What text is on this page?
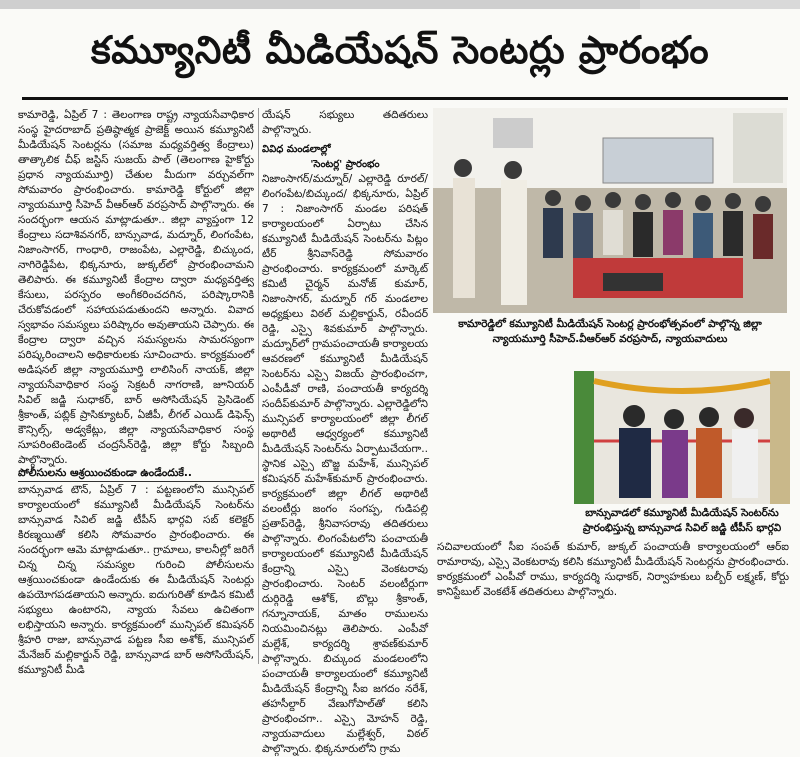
కమ్యూనిటీ మీడియేషన్ సెంటర్లు ప్రారంభం

కామారెడ్డి, ఏప్రిల్ 7 : తెలంగాణ రాష్ట్ర న్యాయసేవాధికార సంస్థ హైదరాబాద్ ప్రతిష్ఠాత్మక ప్రాజెక్ట్ అయిన కమ్యూనిటీ మీడియేషన్ సెంటర్లను (సమాజ మధ్యవర్తిత్వ కేంద్రాలు) తాత్కాలిక చీఫ్ జస్టిస్ సుజయ్ పాల్ (తెలంగాణ హైకోర్టు ప్రధాన న్యాయమూర్తి) చేతుల మీదుగా వర్చువల్‌గా సోమవారం ప్రారంభించారు. కామారెడ్డి కోర్టులో జిల్లా న్యాయమూర్తి సీహెచ్ వీఆర్ఆర్ వరప్రసాద్ పాల్గొన్నారు. ఈ సందర్భంగా ఆయన మాట్లాడుతూ.. జిల్లా వ్యాప్తంగా 12 కేంద్రాలు సదాశివనగర్, బాన్సువాడ, మద్నూర్, లింగంపేట, నిజాంసాగర్, గాంధారి, రాజంపేట, ఎల్లారెడ్డి, బిచ్కుంద, నాగిరెడ్డిపేట, భిక్కనూరు, జుక్కల్‌లో ప్రారంభించామని తెలిపారు. ఈ కమ్యూనిటీ కేంద్రాల ద్వారా మధ్యవర్తిత్వ కేసులు, పరస్పరం అంగీకరించదగిన, పరిష్కారానికి చేరుకోవడంలో సహాయపడుతుందని అన్నారు. వివాద స్వభావం సమస్యలు పరిష్కారం అవుతాయని చెప్పారు. ఈ కేంద్రాల ద్వారా వచ్చిన సమస్యలను సామరస్యంగా పరిష్కరించాలని అధికారులకు సూచించారు. కార్యక్రమంలో అడిషనల్ జిల్లా న్యాయమూర్తి లాలిసింగ్ నాయక్, జిల్లా న్యాయసేవాధికార సంస్థ సెక్రటరీ నాగరాణి, జూనియర్ సివిల్ జడ్జి సుధాకర్, బార్ అసోసియేషన్ ప్రెసిడెంట్ శ్రీకాంత్, పబ్లిక్ ప్రాసిక్యూటర్, ఏజీపీ, లీగల్ ఎయిడ్ డిఫెన్స్ కౌన్సిల్స్, అడ్వకేట్లు, జిల్లా న్యాయసేవాధికార సంస్థ సూపరింటెండెంట్ చంద్రసేన్‌రెడ్డి, జిల్లా కోర్టు సిబ్బంది పాల్గొన్నారు.

పోలీసులను ఆశ్రయించకుండా ఉండేందుకే..

బాన్సువాడ టౌన్, ఏప్రిల్ 7 : పట్టణంలోని మున్సిపల్ కార్యాలయంలో కమ్యూనిటీ మీడియేషన్ సెంటర్‌ను బాన్సువాడ సివిల్ జడ్జి టీపీస్ భార్గవి సబ్ కలెక్టర్ కిరణ్మయితో కలిసి సోమవారం ప్రారంభించారు. ఈ సందర్భంగా ఆమె మాట్లాడుతూ.. గ్రామాలు, కాలనీల్లో జరిగే చిన్న చిన్న సమస్యల గురించి పోలీసులను ఆశ్రయించకుండా ఉండేందుకు ఈ మీడియేషన్ సెంటర్లు ఉపయోగపడతాయని అన్నారు. ఐదుగురితో కూడిన కమిటీ సభ్యులు ఉంటారని, న్యాయ సేవలు ఉచితంగా లభిస్తాయని అన్నారు. కార్యక్రమంలో మున్సిపల్ కమిషనర్ శ్రీహరి రాజు, బాన్సువాడ పట్టణ సీఐ అశోక్, మున్సిపల్ మేనేజర్ మల్లికార్జున్ రెడ్డి, బాన్సువాడ బార్ అసోసియేషన్, కమ్యూనిటీ మీడి

యేషన్ సభ్యులు తదితరులు పాల్గొన్నారు.

వివిధ మండలాల్లో
'సెంటర్ల' ప్రారంభం

నిజాంసాగర్/మద్నూర్/ ఎల్లారెడ్డి రూరల్/లింగంపేట/బిచ్కుంద/ భిక్కనూరు, ఏప్రిల్ 7 : నిజాంసాగర్ మండల పరిషత్ కార్యాలయంలో ఏర్పాటు చేసిన కమ్యూనిటీ మీడియేషన్ సెంటర్‌ను పిట్లం టీర్ శ్రీనివాస్‌రెడ్డి సోమవారం ప్రారంభించారు. కార్యక్రమంలో మార్కెట్ కమిటీ చైర్మన్ మనోజ్ కుమార్, నిజాంసాగర్, మద్నూర్ గర్ మండలాల అధ్యక్షులు విఠల్ మల్లికార్జున్, రవీందర్ రెడ్డి, ఎస్సై శివకుమార్ పాల్గొన్నారు. మద్నూర్‌లో గ్రామపంచాయతీ కార్యాలయ ఆవరణలో కమ్యూనిటీ మీడియేషన్ సెంటర్‌ను ఎస్సై విజయ్ ప్రారంభించగా, ఎంపీడీవో రాణి, పంచాయతీ కార్యదర్శి సందీప్‌కుమార్ పాల్గొన్నారు. ఎల్లారెడ్డిలోని మున్సిపల్ కార్యాలయంలో జిల్లా లీగల్ అథారిటీ ఆధ్వర్యంలో కమ్యూనిటీ మీడియేషన్ సెంటర్‌ను ఏర్పాటుచేయగా.. స్థానిక ఎస్సై బొజ్జ మహేశ్, మున్సిపల్ కమిషనర్ మహేశ్‌కుమార్ ప్రారంభించారు. కార్యక్రమంలో జిల్లా లీగల్ అథారిటీ వలంటీర్లు జంగం సంగప్ప, గుడిపల్లి ప్రతాప్‌రెడ్డి, శ్రీనివాసరావు తదితరులు పాల్గొన్నారు. లింగంపేటలోని పంచాయతీ కార్యాలయంలో కమ్యూనిటీ మీడియేషన్ కేంద్రాన్ని ఎస్సై వెంకటరావు ప్రారంభించారు. సెంటర్ వలంటీర్లుగా దుర్గిరెడ్డి ఆశోక్, బొల్లు శ్రీకాంత్, గన్నూనాయక్, మాతం రాములను నియమించినట్లు తెలిపారు. ఎంపీవో మల్లేశ్, కార్యదర్శి శ్రావణ్‌కుమార్ పాల్గొన్నారు. బిచ్కుంద మండలంలోని పంచాయతీ కార్యాలయంలో కమ్యూనిటీ మీడియేషన్ కేంద్రాన్ని సీఐ జగదం నరేశ్, తహసీల్దార్ వేణుగోపాల్‌తో కలిసి ప్రారంభించగా.. ఎస్సై మోహన్ రెడ్డి, న్యాయవాదులు మల్లేశ్వర్, విఠల్ పాల్గొన్నారు. భిక్కనూరులోని గ్రామ

కామారెడ్డిలో కమ్యూనిటీ మీడియేషన్ సెంటర్ల ప్రారంభోత్సవంలో పాల్గొన్న జిల్లా న్యాయమూర్తి సీహెచ్.వీఆర్ఆర్ వరప్రసాద్, న్యాయవాదులు

బాన్సువాడలో కమ్యూనిటీ మీడియేషన్ సెంటర్‌ను ప్రారంభిస్తున్న బాన్సువాడ సివిల్ జడ్జి టీపీస్ భార్గవి

సచివాలయంలో సీఐ సంపత్ కుమార్, జుక్కల్ పంచాయతీ కార్యాలయంలో ఆర్ఐ రామారావు, ఎస్సై వెంకటరావు కలిసి కమ్యూనిటీ మీడియేషన్ సెంటర్లను ప్రారంభించారు. కార్యక్రమంలో ఎంపీవో రాము, కార్యదర్శి సుధాకర్, నిర్వాహకులు బల్బీర్ లక్ష్మణ్, కోర్టు కానిస్టేబుల్ వెంకటేశ్ తదితరులు పాల్గొన్నారు.
